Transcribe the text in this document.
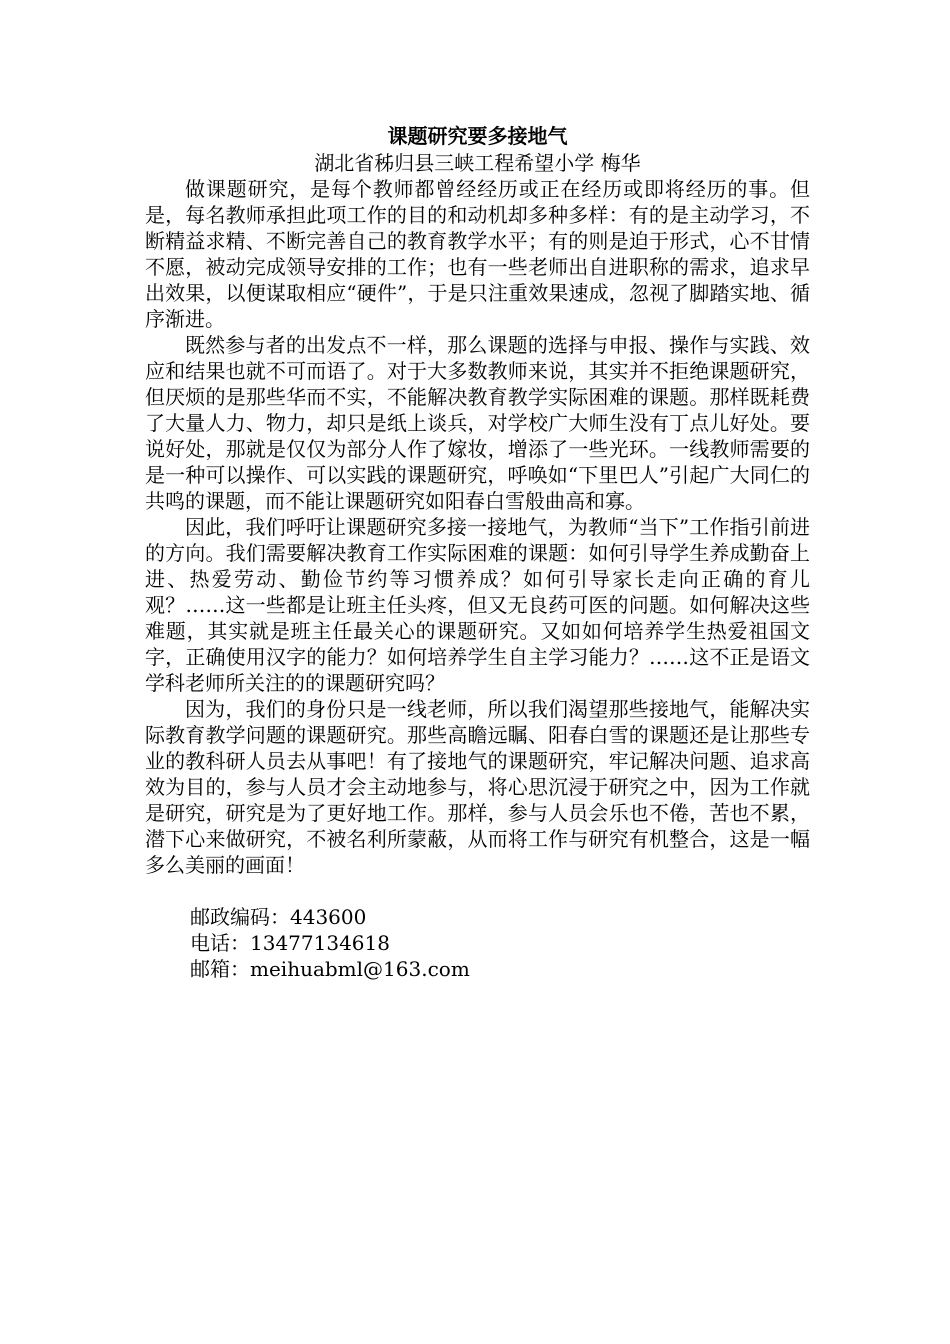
课题研究要多接地气

湖北省秭归县三峡工程希望小学 梅华

做课题研究，是每个教师都曾经经历或正在经历或即将经历的事。但是，每名教师承担此项工作的目的和动机却多种多样：有的是主动学习，不断精益求精、不断完善自己的教育教学水平；有的则是迫于形式，心不甘情不愿，被动完成领导安排的工作；也有一些老师出自进职称的需求，追求早出效果，以便谋取相应“硬件”，于是只注重效果速成，忽视了脚踏实地、循序渐进。

既然参与者的出发点不一样，那么课题的选择与申报、操作与实践、效应和结果也就不可而语了。对于大多数教师来说，其实并不拒绝课题研究，但厌烦的是那些华而不实，不能解决教育教学实际困难的课题。那样既耗费了大量人力、物力，却只是纸上谈兵，对学校广大师生没有丁点儿好处。要说好处，那就是仅仅为部分人作了嫁妆，增添了一些光环。一线教师需要的是一种可以操作、可以实践的课题研究，呼唤如“下里巴人”引起广大同仁的共鸣的课题，而不能让课题研究如阳春白雪般曲高和寡。

因此，我们呼吁让课题研究多接一接地气，为教师“当下”工作指引前进的方向。我们需要解决教育工作实际困难的课题：如何引导学生养成勤奋上进、热爱劳动、勤俭节约等习惯养成？如何引导家长走向正确的育儿观？……这一些都是让班主任头疼，但又无良药可医的问题。如何解决这些难题，其实就是班主任最关心的课题研究。又如如何培养学生热爱祖国文字，正确使用汉字的能力？如何培养学生自主学习能力？……这不正是语文学科老师所关注的的课题研究吗？

因为，我们的身份只是一线老师，所以我们渴望那些接地气，能解决实际教育教学问题的课题研究。那些高瞻远瞩、阳春白雪的课题还是让那些专业的教科研人员去从事吧！有了接地气的课题研究，牢记解决问题、追求高效为目的，参与人员才会主动地参与，将心思沉浸于研究之中，因为工作就是研究，研究是为了更好地工作。那样，参与人员会乐也不倦，苦也不累，潜下心来做研究，不被名利所蒙蔽，从而将工作与研究有机整合，这是一幅多么美丽的画面！

邮政编码：443600

电话：13477134618

邮箱：meihuabml@163.com
